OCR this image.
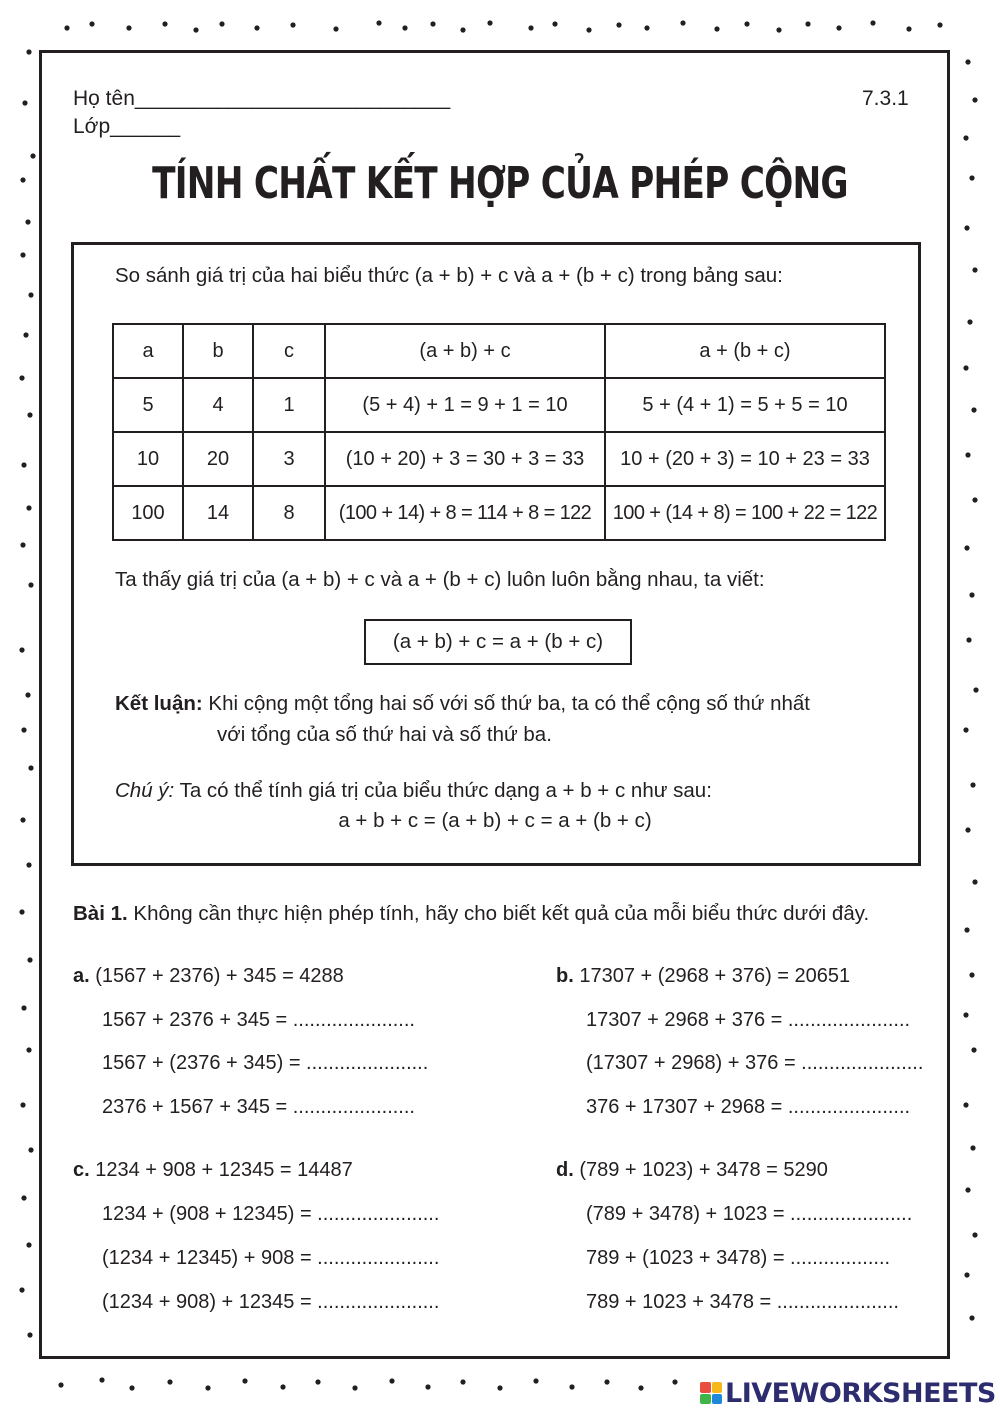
Họ tên___________________________
Lớp______
7.3.1
TÍNH CHẤT KẾT HỢP CỦA PHÉP CỘNG
So sánh giá trị của hai biểu thức (a + b) + c và a + (b + c) trong bảng sau:
a	b	c	(a + b) + c	a + (b + c)
5	4	1	(5 + 4) + 1 = 9 + 1 = 10	5 + (4 + 1) = 5 + 5 = 10
10	20	3	(10 + 20) + 3 = 30 + 3 = 33	10 + (20 + 3) = 10 + 23 = 33
100	14	8	(100 + 14) + 8 = 114 + 8 = 122	100 + (14 + 8) = 100 + 22 = 122
Ta thấy giá trị của (a + b) + c và a + (b + c) luôn luôn bằng nhau, ta viết:
(a + b) + c = a + (b + c)
Kết luận: Khi cộng một tổng hai số với số thứ ba, ta có thể cộng số thứ nhất
với tổng của số thứ hai và số thứ ba.
Chú ý: Ta có thể tính giá trị của biểu thức dạng a + b + c như sau:
a + b + c = (a + b) + c = a + (b + c)
Bài 1. Không cần thực hiện phép tính, hãy cho biết kết quả của mỗi biểu thức dưới đây.
a. (1567 + 2376) + 345 = 4288
1567 + 2376 + 345 = ......................
1567 + (2376 + 345) = ......................
2376 + 1567 + 345 = ......................
b. 17307 + (2968 + 376) = 20651
17307 + 2968 + 376 = ......................
(17307 + 2968) + 376 = ......................
376 + 17307 + 2968 = ......................
c. 1234 + 908 + 12345 = 14487
1234 + (908 + 12345) = ......................
(1234 + 12345) + 908 = ......................
(1234 + 908) + 12345 = ......................
d. (789 + 1023) + 3478 = 5290
(789 + 3478) + 1023 = ......................
789 + (1023 + 3478) = ..................
789 + 1023 + 3478 = ......................
LIVEWORKSHEETS
